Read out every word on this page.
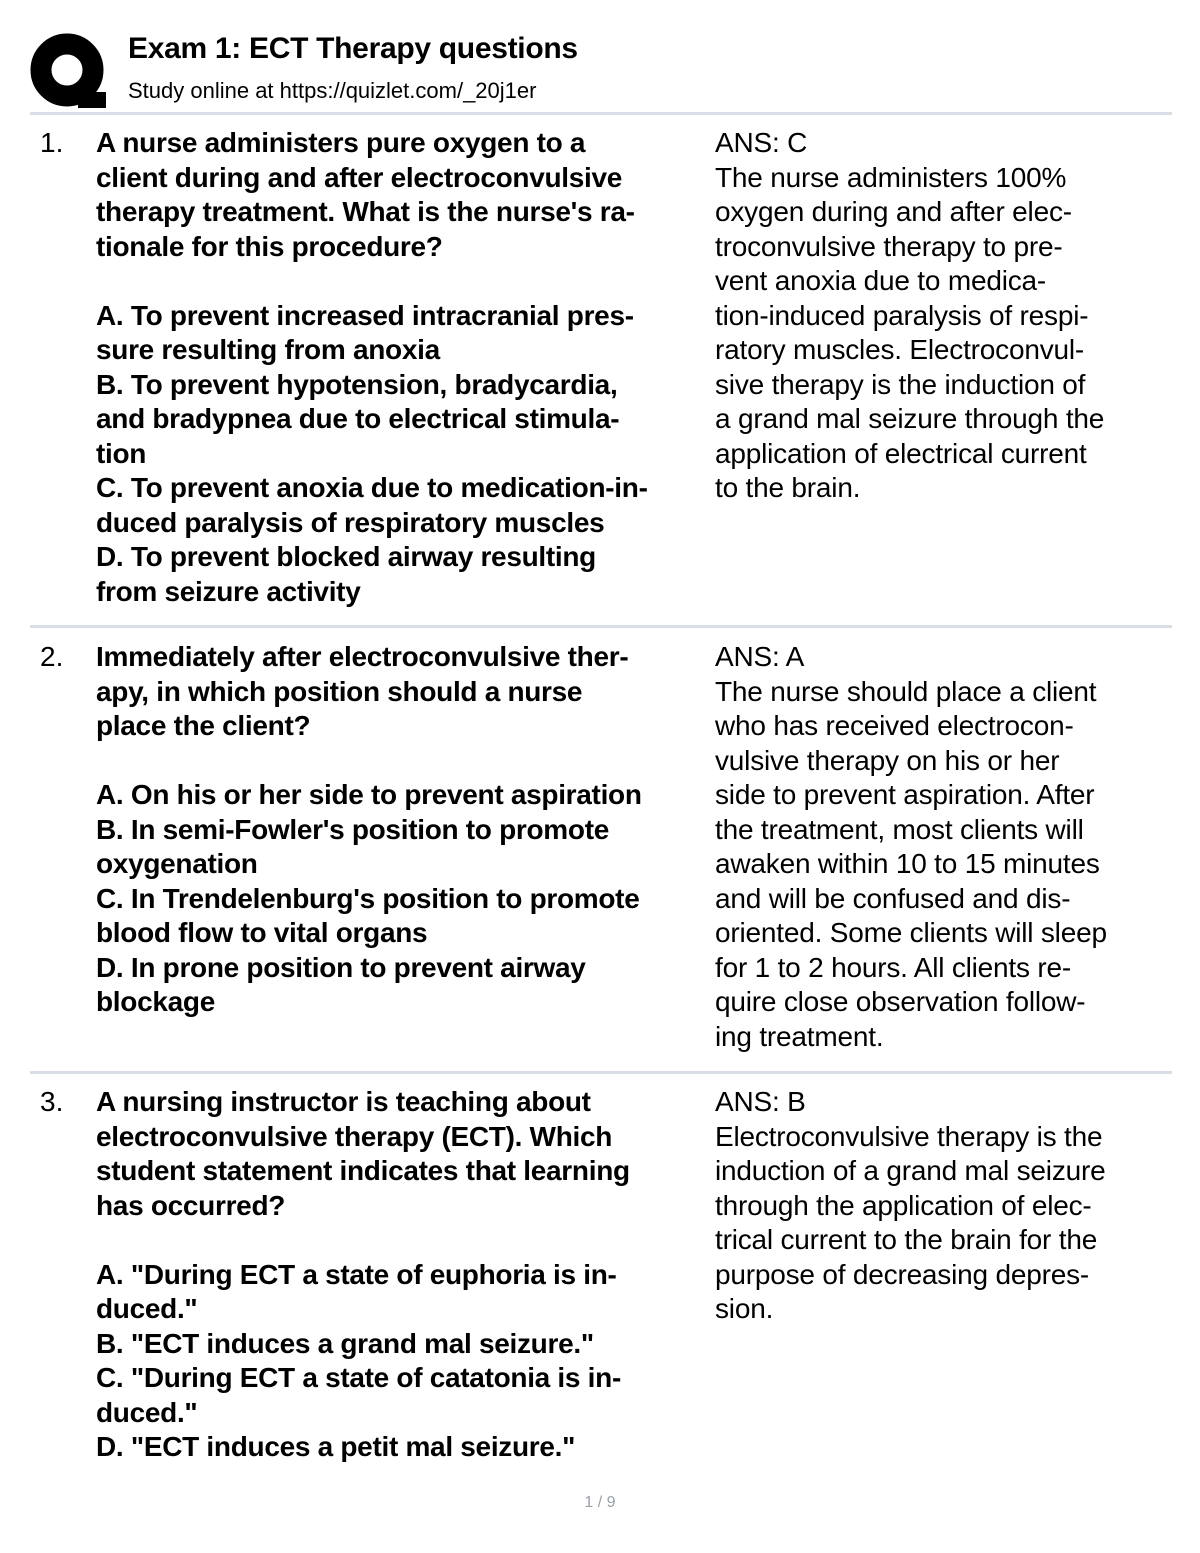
Exam 1: ECT Therapy questions
Study online at https://quizlet.com/_20j1er
1. A nurse administers pure oxygen to a
client during and after electroconvulsive
therapy treatment. What is the nurse's ra-
tionale for this procedure?
A. To prevent increased intracranial pres-
sure resulting from anoxia
B. To prevent hypotension, bradycardia,
and bradypnea due to electrical stimula-
tion
C. To prevent anoxia due to medication-in-
duced paralysis of respiratory muscles
D. To prevent blocked airway resulting
from seizure activity
ANS: C
The nurse administers 100%
oxygen during and after elec-
troconvulsive therapy to pre-
vent anoxia due to medica-
tion-induced paralysis of respi-
ratory muscles. Electroconvul-
sive therapy is the induction of
a grand mal seizure through the
application of electrical current
to the brain.
2. Immediately after electroconvulsive ther-
apy, in which position should a nurse
place the client?
A. On his or her side to prevent aspiration
B. In semi-Fowler's position to promote
oxygenation
C. In Trendelenburg's position to promote
blood flow to vital organs
D. In prone position to prevent airway
blockage
ANS: A
The nurse should place a client
who has received electrocon-
vulsive therapy on his or her
side to prevent aspiration. After
the treatment, most clients will
awaken within 10 to 15 minutes
and will be confused and dis-
oriented. Some clients will sleep
for 1 to 2 hours. All clients re-
quire close observation follow-
ing treatment.
3. A nursing instructor is teaching about
electroconvulsive therapy (ECT). Which
student statement indicates that learning
has occurred?
A. "During ECT a state of euphoria is in-
duced."
B. "ECT induces a grand mal seizure."
C. "During ECT a state of catatonia is in-
duced."
D. "ECT induces a petit mal seizure."
ANS: B
Electroconvulsive therapy is the
induction of a grand mal seizure
through the application of elec-
trical current to the brain for the
purpose of decreasing depres-
sion.
1 / 9
